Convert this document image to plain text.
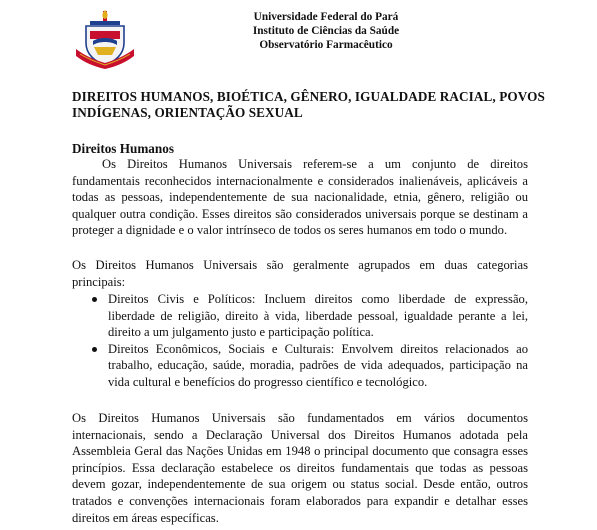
Universidade Federal do Pará
Instituto de Ciências da Saúde
Observatório Farmacêutico
DIREITOS HUMANOS, BIOÉTICA, GÊNERO, IGUALDADE RACIAL, POVOS
INDÍGENAS, ORIENTAÇÃO SEXUAL
Direitos Humanos
Os Direitos Humanos Universais referem-se a um conjunto de direitos
fundamentais reconhecidos internacionalmente e considerados inalienáveis, aplicáveis a
todas as pessoas, independentemente de sua nacionalidade, etnia, gênero, religião ou
qualquer outra condição. Esses direitos são considerados universais porque se destinam a
proteger a dignidade e o valor intrínseco de todos os seres humanos em todo o mundo.
Os Direitos Humanos Universais são geralmente agrupados em duas categorias
principais:
Direitos Civis e Políticos: Incluem direitos como liberdade de expressão,
liberdade de religião, direito à vida, liberdade pessoal, igualdade perante a lei,
direito a um julgamento justo e participação política.
Direitos Econômicos, Sociais e Culturais: Envolvem direitos relacionados ao
trabalho, educação, saúde, moradia, padrões de vida adequados, participação na
vida cultural e benefícios do progresso científico e tecnológico.
Os Direitos Humanos Universais são fundamentados em vários documentos
internacionais, sendo a Declaração Universal dos Direitos Humanos adotada pela
Assembleia Geral das Nações Unidas em 1948 o principal documento que consagra esses
princípios. Essa declaração estabelece os direitos fundamentais que todas as pessoas
devem gozar, independentemente de sua origem ou status social. Desde então, outros
tratados e convenções internacionais foram elaborados para expandir e detalhar esses
direitos em áreas específicas.
